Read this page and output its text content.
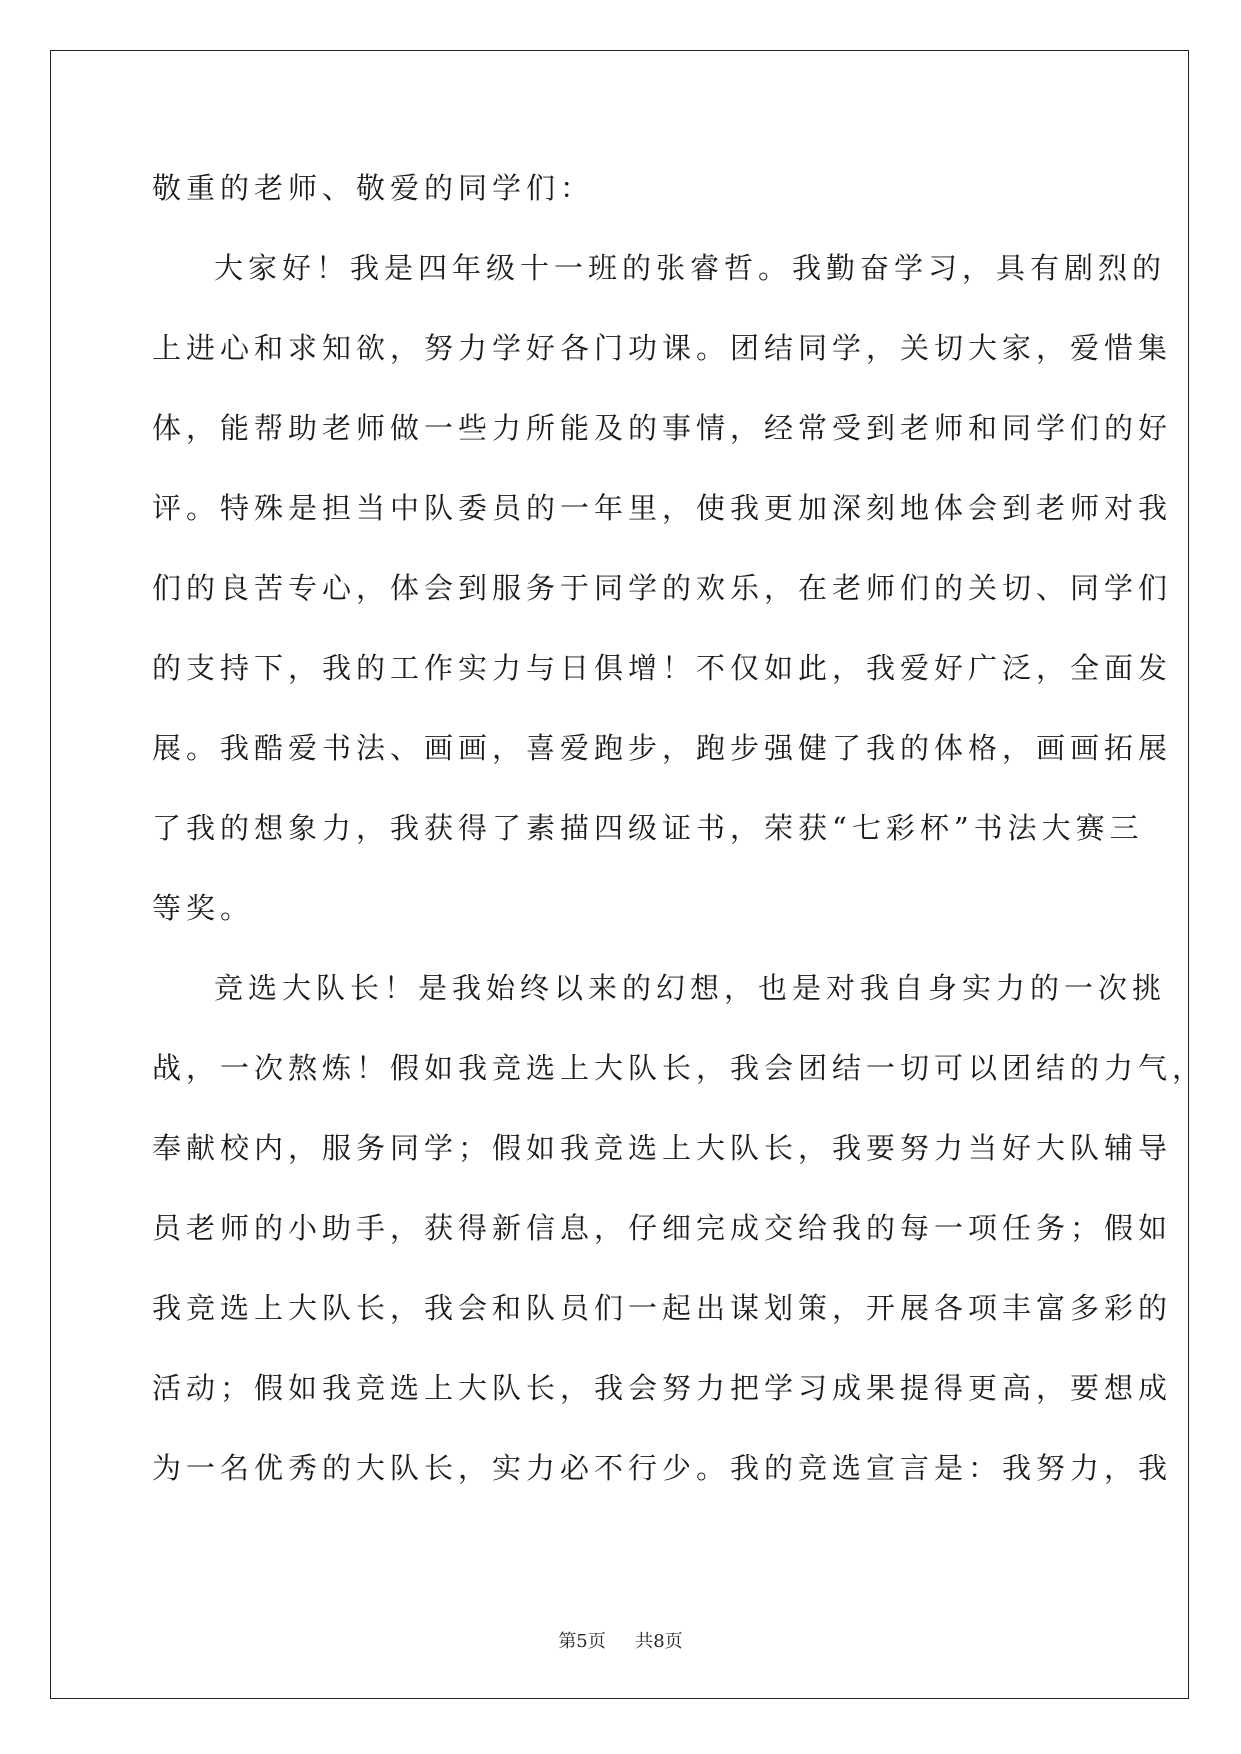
敬重的老师、敬爱的同学们：
大家好！我是四年级十一班的张睿哲。我勤奋学习，具有剧烈的
上进心和求知欲，努力学好各门功课。团结同学，关切大家，爱惜集
体，能帮助老师做一些力所能及的事情，经常受到老师和同学们的好
评。特殊是担当中队委员的一年里，使我更加深刻地体会到老师对我
们的良苦专心，体会到服务于同学的欢乐，在老师们的关切、同学们
的支持下，我的工作实力与日俱增！不仅如此，我爱好广泛，全面发
展。我酷爱书法、画画，喜爱跑步，跑步强健了我的体格，画画拓展
了我的想象力，我获得了素描四级证书，荣获“七彩杯”书法大赛三
等奖。
竞选大队长！是我始终以来的幻想，也是对我自身实力的一次挑
战，一次熬炼！假如我竞选上大队长，我会团结一切可以团结的力气，
奉献校内，服务同学；假如我竞选上大队长，我要努力当好大队辅导
员老师的小助手，获得新信息，仔细完成交给我的每一项任务；假如
我竞选上大队长，我会和队员们一起出谋划策，开展各项丰富多彩的
活动；假如我竞选上大队长，我会努力把学习成果提得更高，要想成
为一名优秀的大队长，实力必不行少。我的竞选宣言是：我努力，我
第5页 共8页
